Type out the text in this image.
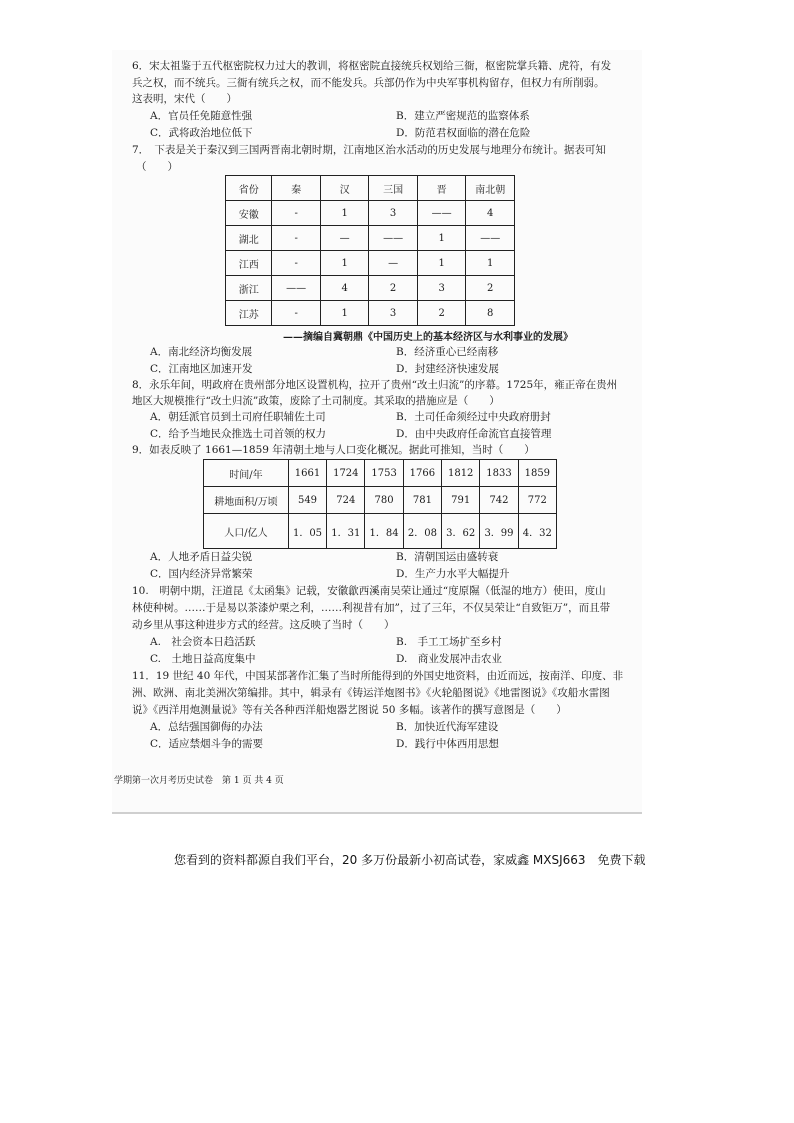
6．宋太祖鉴于五代枢密院权力过大的教训，将枢密院直接统兵权划给三衙，枢密院掌兵籍、虎符，有发
兵之权，而不统兵。三衙有统兵之权，而不能发兵。兵部仍作为中央军事机构留存，但权力有所削弱。
这表明，宋代（　　）
A．官员任免随意性强	B．建立严密规范的监察体系
C．武将政治地位低下	D．防范君权面临的潜在危险
7．　下表是关于秦汉到三国两晋南北朝时期，江南地区治水活动的历史发展与地理分布统计。据表可知
（　　）
省份	秦	汉	三国	晋	南北朝
安徽	-	1	3	——	4
湖北	-	—	——	1	——
江西	-	1	—	1	1
浙江	——	4	2	3	2
江苏	-	1	3	2	8
——摘编自冀朝鼎《中国历史上的基本经济区与水利事业的发展》
A．南北经济均衡发展	B．经济重心已经南移
C．江南地区加速开发	D．封建经济快速发展
8．永乐年间，明政府在贵州部分地区设置机构，拉开了贵州“改土归流”的序幕。1725年，雍正帝在贵州
地区大规模推行“改土归流”政策，废除了土司制度。其采取的措施应是（　　）
A．朝廷派官员到土司府任职辅佐土司	B．土司任命须经过中央政府册封
C．给予当地民众推选土司首领的权力	D．由中央政府任命流官直接管理
9．如表反映了 1661—1859 年清朝土地与人口变化概况。据此可推知，当时（　　）
时间/年	1661	1724	1753	1766	1812	1833	1859
耕地面积/万顷	549	724	780	781	791	742	772
人口/亿人	1．05	1．31	1．84	2．08	3．62	3．99	4．32
A．人地矛盾日益尖锐	B．清朝国运由盛转衰
C．国内经济异常繁荣	D．生产力水平大幅提升
10.　明朝中期，汪道昆《太函集》记载，安徽歙西溪南吴荣让通过“度原隰（低湿的地方）使田，度山
林使种树。……于是易以茶漆炉栗之利，……利视昔有加”，过了三年，不仅吴荣让“自致钜万”，而且带
动乡里从事这种进步方式的经营。这反映了当时（　　）
A.　社会资本日趋活跃	B.　手工工场扩至乡村
C.　土地日益高度集中	D.　商业发展冲击农业
11．19 世纪 40 年代，中国某部著作汇集了当时所能得到的外国史地资料，由近而远，按南洋、印度、非
洲、欧洲、南北美洲次第编排。其中，辑录有《铸运洋炮图书》《火轮船图说》《地雷图说》《攻船水雷图
说》《西洋用炮测量说》等有关各种西洋船炮器艺图说 50 多幅。该著作的撰写意图是（　　）
A．总结强国御侮的办法	B．加快近代海军建设
C．适应禁烟斗争的需要	D．践行中体西用思想
学期第一次月考历史试卷　第 1 页 共 4 页
您看到的资料都源自我们平台，20 多万份最新小初高试卷，家威鑫 MXSJ663　免费下载
